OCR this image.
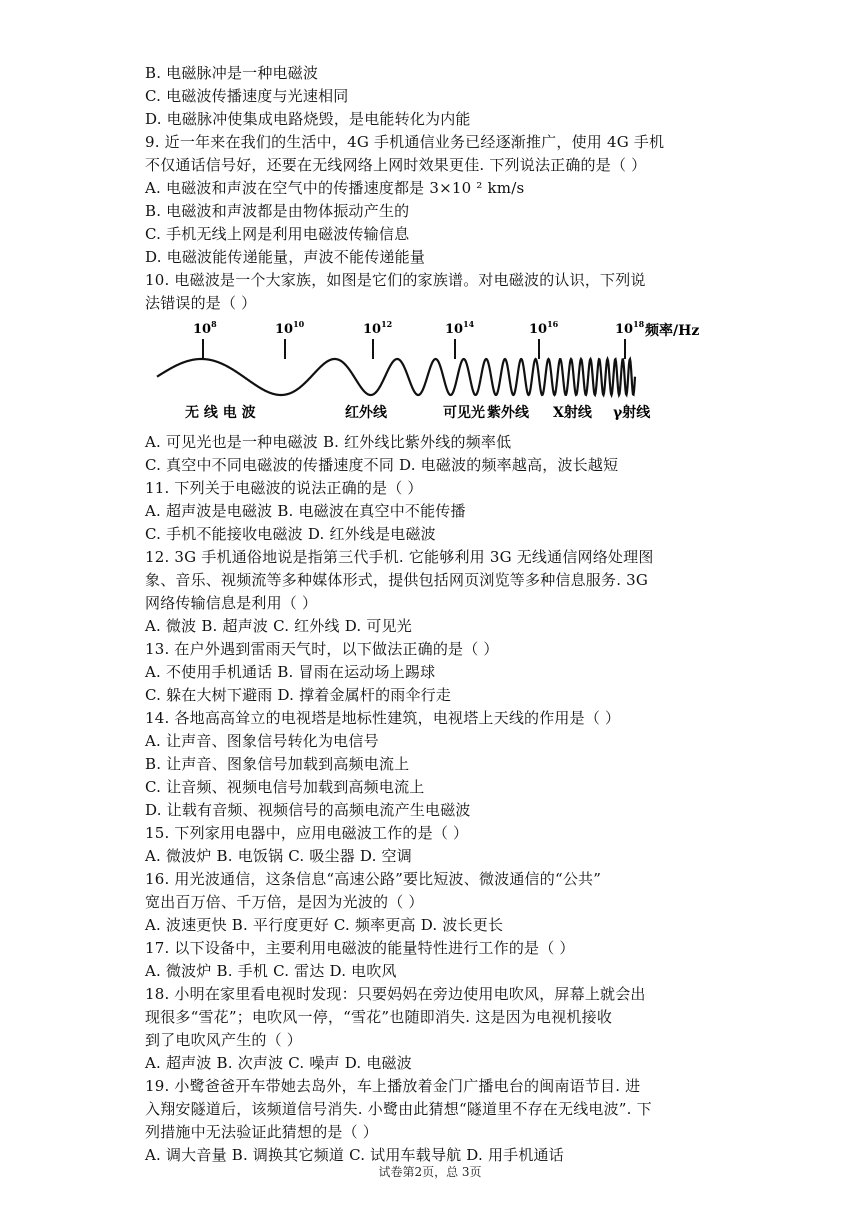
B. 电磁脉冲是一种电磁波
C. 电磁波传播速度与光速相同
D. 电磁脉冲使集成电路烧毁，是电能转化为内能
9. 近一年来在我们的生活中，4G 手机通信业务已经逐渐推广，使用 4G 手机
不仅通话信号好，还要在无线网络上网时效果更佳. 下列说法正确的是（ ）
A. 电磁波和声波在空气中的传播速度都是 3×10 ² km/s
B. 电磁波和声波都是由物体振动产生的
C. 手机无线上网是利用电磁波传输信息
D. 电磁波能传递能量，声波不能传递能量
10. 电磁波是一个大家族，如图是它们的家族谱。对电磁波的认识，下列说
法错误的是（ ）
$10^8$	$10^{10}$	$10^{12}$	$10^{14}$	$10^{16}$	$10^{18}$ 频率/Hz
无 线 电 波	红外线	可见光 紫外线 X射线 γ射线
A. 可见光也是一种电磁波 B. 红外线比紫外线的频率低
C. 真空中不同电磁波的传播速度不同 D. 电磁波的频率越高，波长越短
11. 下列关于电磁波的说法正确的是（ ）
A. 超声波是电磁波 B. 电磁波在真空中不能传播
C. 手机不能接收电磁波 D. 红外线是电磁波
12. 3G 手机通俗地说是指第三代手机. 它能够利用 3G 无线通信网络处理图
象、音乐、视频流等多种媒体形式，提供包括网页浏览等多种信息服务. 3G
网络传输信息是利用（ ）
A. 微波 B. 超声波 C. 红外线 D. 可见光
13. 在户外遇到雷雨天气时，以下做法正确的是（ ）
A. 不使用手机通话 B. 冒雨在运动场上踢球
C. 躲在大树下避雨 D. 撑着金属杆的雨伞行走
14. 各地高高耸立的电视塔是地标性建筑，电视塔上天线的作用是（ ）
A. 让声音、图象信号转化为电信号
B. 让声音、图象信号加载到高频电流上
C. 让音频、视频电信号加载到高频电流上
D. 让载有音频、视频信号的高频电流产生电磁波
15. 下列家用电器中，应用电磁波工作的是（ ）
A. 微波炉 B. 电饭锅 C. 吸尘器 D. 空调
16. 用光波通信，这条信息“高速公路”要比短波、微波通信的“公共”
宽出百万倍、千万倍，是因为光波的（ ）
A. 波速更快 B. 平行度更好 C. 频率更高 D. 波长更长
17. 以下设备中，主要利用电磁波的能量特性进行工作的是（ ）
A. 微波炉 B. 手机 C. 雷达 D. 电吹风
18. 小明在家里看电视时发现：只要妈妈在旁边使用电吹风，屏幕上就会出
现很多“雪花”；电吹风一停，“雪花”也随即消失. 这是因为电视机接收
到了电吹风产生的（ ）
A. 超声波 B. 次声波 C. 噪声 D. 电磁波
19. 小鹭爸爸开车带她去岛外，车上播放着金门广播电台的闽南语节目. 进
入翔安隧道后，该频道信号消失. 小鹭由此猜想“隧道里不存在无线电波”. 下
列措施中无法验证此猜想的是（ ）
A. 调大音量 B. 调换其它频道 C. 试用车载导航 D. 用手机通话
试卷第2页，总 3页
